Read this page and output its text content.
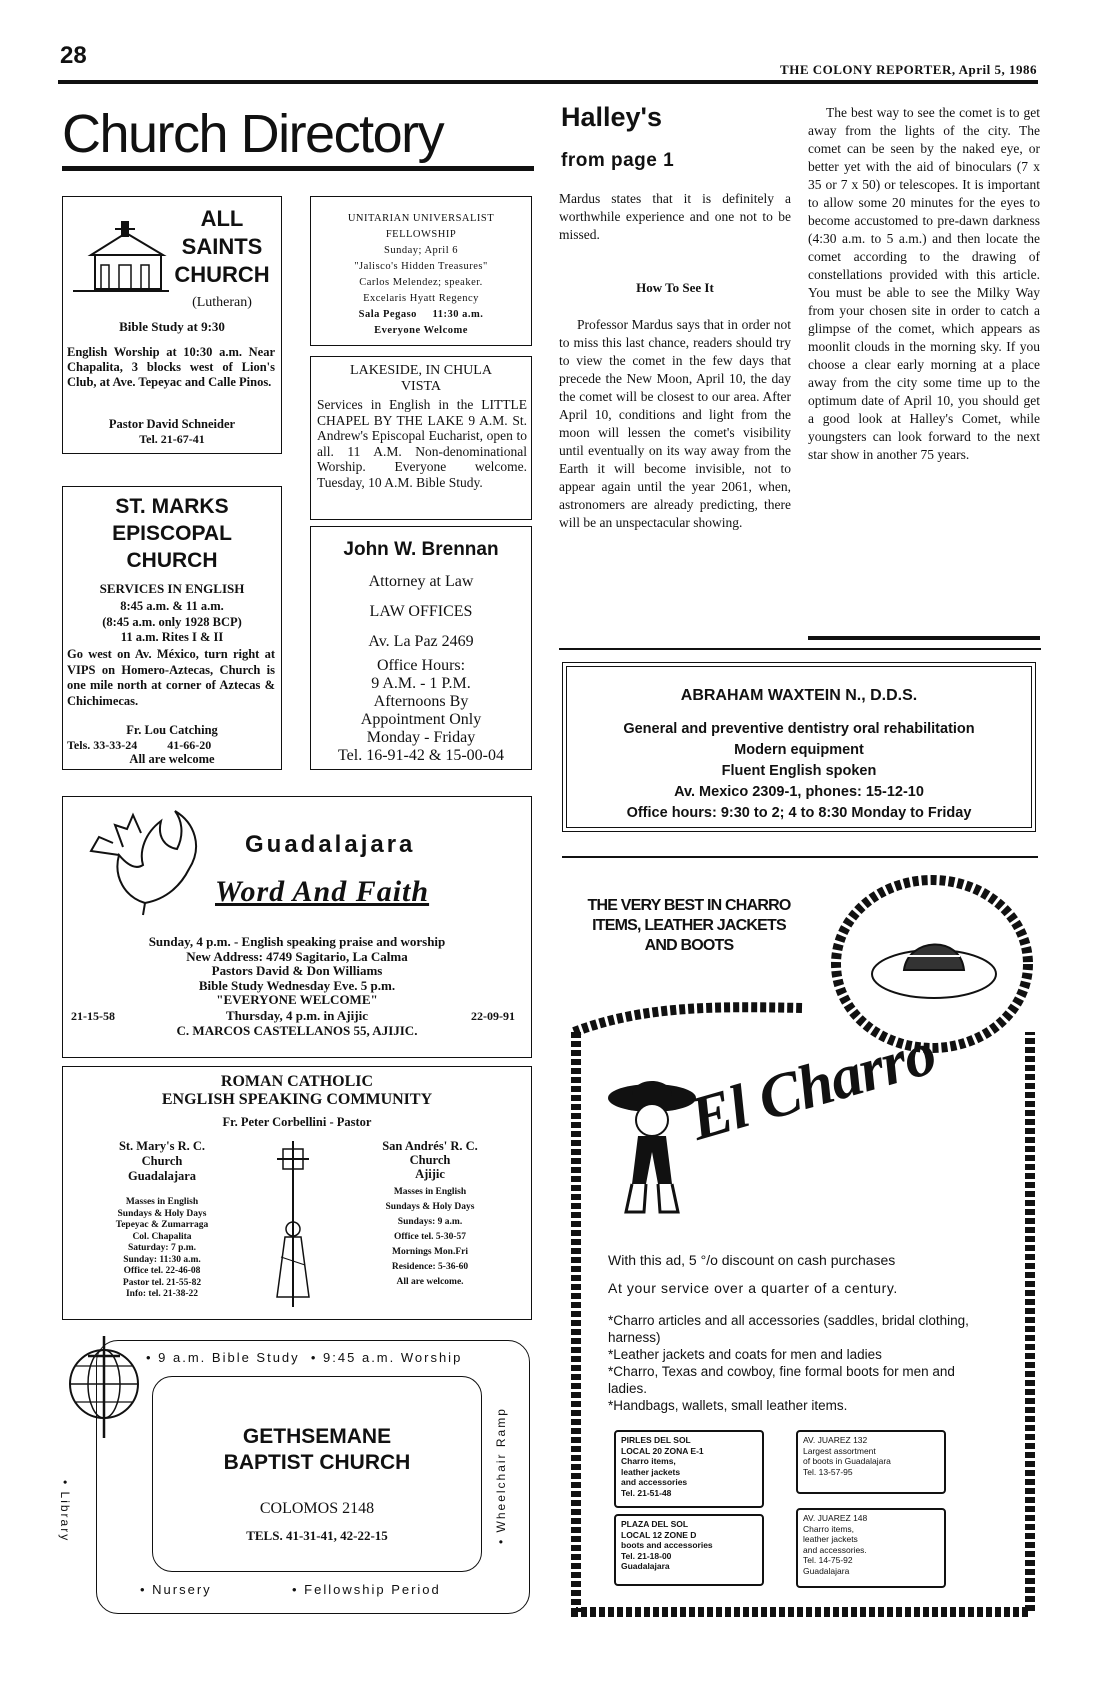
28
THE COLONY REPORTER, April 5, 1986
Church Directory
ALL
SAINTS
CHURCH
(Lutheran)
Bible Study at 9:30
English Worship at 10:30 a.m. Near Chapalita, 3 blocks west of Lion's Club, at Ave. Tepeyac and Calle Pinos.
Pastor David Schneider
Tel. 21-67-41
ST. MARKS
EPISCOPAL
CHURCH
SERVICES IN ENGLISH
8:45 a.m. & 11 a.m.
(8:45 a.m. only 1928 BCP)
11 a.m. Rites I & II
Go west on Av. México, turn right at VIPS on Homero-Aztecas, Church is one mile north at corner of Aztecas & Chichimecas.
Fr. Lou Catching
Tels. 33-33-24          41-66-20
All are welcome
UNITARIAN UNIVERSALIST FELLOWSHIP
Sunday; April 6
"Jalisco's Hidden Treasures"
Carlos Melendez; speaker.
Excelaris Hyatt Regency
Sala Pegaso     11:30 a.m.
Everyone Welcome
LAKESIDE, IN CHULA VISTA
Services in English in the LITTLE CHAPEL BY THE LAKE 9 A.M. St. Andrew's Episcopal Eucharist, open to all. 11 A.M. Non-denominational Worship. Everyone welcome. Tuesday, 10 A.M. Bible Study.
John W. Brennan
Attorney at Law
LAW OFFICES
Av. La Paz 2469
Office Hours:
9 A.M. - 1 P.M.
Afternoons By
Appointment Only
Monday - Friday
Tel. 16-91-42 & 15-00-04
Halley's
from page 1
Mardus states that it is definitely a worthwhile experience and one not to be missed.
How To See It
Professor Mardus says that in order not to miss this last chance, readers should try to view the comet in the few days that precede the New Moon, April 10, the day the comet will be closest to our area. After April 10, conditions and light from the moon will lessen the comet's visibility until eventually on its way away from the Earth it will become invisible, not to appear again until the year 2061, when, astronomers are already predicting, there will be an unspectacular showing.
The best way to see the comet is to get away from the lights of the city. The comet can be seen by the naked eye, or better yet with the aid of binoculars (7 x 35 or 7 x 50) or telescopes. It is important to allow some 20 minutes for the eyes to become accustomed to pre-dawn darkness (4:30 a.m. to 5 a.m.) and then locate the comet according to the drawing of constellations provided with this article. You must be able to see the Milky Way from your chosen site in order to catch a glimpse of the comet, which appears as moonlit clouds in the morning sky. If you choose a clear early morning at a place away from the city some time up to the optimum date of April 10, you should get a good look at Halley's Comet, while youngsters can look forward to the next star show in another 75 years.
ABRAHAM WAXTEIN N., D.D.S.
General and preventive dentistry oral rehabilitation
Modern equipment
Fluent English spoken
Av. Mexico 2309-1, phones: 15-12-10
Office hours: 9:30 to 2; 4 to 8:30 Monday to Friday
Guadalajara
Word And Faith
Sunday, 4 p.m. - English speaking praise and worship
New Address: 4749 Sagitario, La Calma
Pastors David & Don Williams
Bible Study Wednesday Eve. 5 p.m.
"EVERYONE WELCOME"
21-15-58	Thursday, 4 p.m. in Ajijic	22-09-91
C. MARCOS CASTELLANOS 55, AJIJIC.
ROMAN CATHOLIC
ENGLISH SPEAKING COMMUNITY
Fr. Peter Corbellini - Pastor
St. Mary's R. C.
Church
Guadalajara
Masses in English
Sundays & Holy Days
Tepeyac & Zumarraga
Col. Chapalita
Saturday: 7 p.m.
Sunday: 11:30 a.m.
Office tel. 22-46-08
Pastor tel. 21-55-82
Info: tel. 21-38-22
San Andrés' R. C.
Church
Ajijic
Masses in English
Sundays & Holy Days
Sundays: 9 a.m.
Office tel. 5-30-57
Mornings Mon.Fri
Residence: 5-36-60
All are welcome.
• 9 a.m. Bible Study  • 9:45 a.m. Worship
GETHSEMANE
BAPTIST CHURCH
COLOMOS 2148
TELS. 41-31-41, 42-22-15
• Library	• Wheelchair Ramp
• Nursery	• Fellowship Period
THE VERY BEST IN CHARRO
ITEMS, LEATHER JACKETS
AND BOOTS
El Charro
With this ad, 5 °/o discount on cash purchases
At your service over a quarter of a century.
*Charro articles and all accessories (saddles, bridal clothing, harness)
*Leather jackets and coats for men and ladies
*Charro, Texas and cowboy, fine formal boots for men and ladies.
*Handbags, wallets, small leather items.
PIRLES DEL SOL
LOCAL 20 ZONA E-1
Charro items,
leather jackets
and accessories
Tel. 21-51-48
AV. JUAREZ 132
Largest assortment
of boots in Guadalajara
Tel. 13-57-95
PLAZA DEL SOL
LOCAL 12 ZONE D
boots and accessories
Tel. 21-18-00
Guadalajara
AV. JUAREZ 148
Charro items,
leather jackets
and accessories.
Tel. 14-75-92
Guadalajara
